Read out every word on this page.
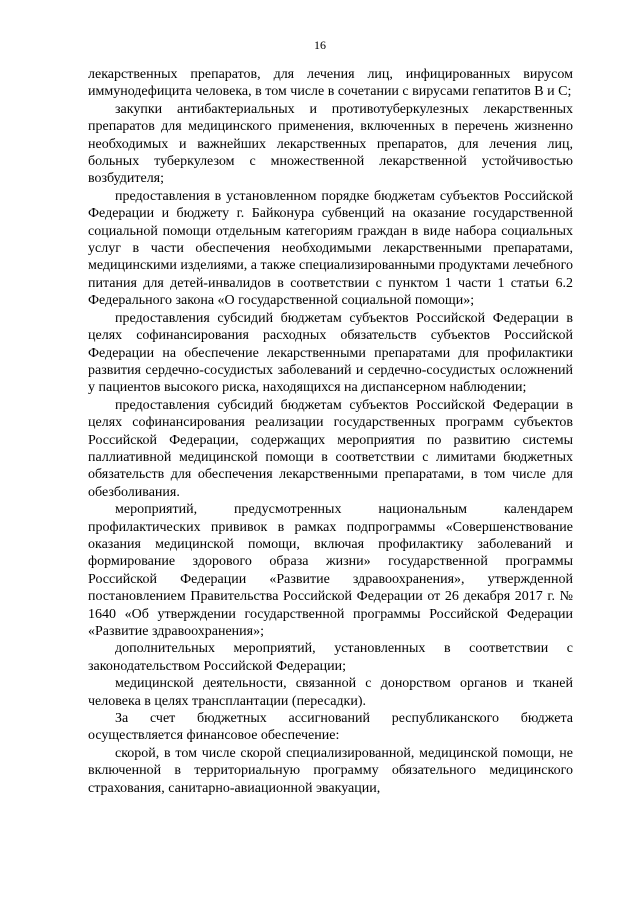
16

лекарственных препаратов, для лечения лиц, инфицированных вирусом иммунодефицита человека, в том числе в сочетании с вирусами гепатитов В и С;

закупки антибактериальных и противотуберкулезных лекарственных препаратов для медицинского применения, включенных в перечень жизненно необходимых и важнейших лекарственных препаратов, для лечения лиц, больных туберкулезом с множественной лекарственной устойчивостью возбудителя;

предоставления в установленном порядке бюджетам субъектов Российской Федерации и бюджету г. Байконура субвенций на оказание государственной социальной помощи отдельным категориям граждан в виде набора социальных услуг в части обеспечения необходимыми лекарственными препаратами, медицинскими изделиями, а также специализированными продуктами лечебного питания для детей-инвалидов в соответствии с пунктом 1 части 1 статьи 6.2 Федерального закона «О государственной социальной помощи»;

предоставления субсидий бюджетам субъектов Российской Федерации в целях софинансирования расходных обязательств субъектов Российской Федерации на обеспечение лекарственными препаратами для профилактики развития сердечно-сосудистых заболеваний и сердечно-сосудистых осложнений у пациентов высокого риска, находящихся на диспансерном наблюдении;

предоставления субсидий бюджетам субъектов Российской Федерации в целях софинансирования реализации государственных программ субъектов Российской Федерации, содержащих мероприятия по развитию системы паллиативной медицинской помощи в соответствии с лимитами бюджетных обязательств для обеспечения лекарственными препаратами, в том числе для обезболивания.

мероприятий, предусмотренных национальным календарем профилактических прививок в рамках подпрограммы «Совершенствование оказания медицинской помощи, включая профилактику заболеваний и формирование здорового образа жизни» государственной программы Российской Федерации «Развитие здравоохранения», утвержденной постановлением Правительства Российской Федерации от 26 декабря 2017 г. № 1640 «Об утверждении государственной программы Российской Федерации «Развитие здравоохранения»;

дополнительных мероприятий, установленных в соответствии с законодательством Российской Федерации;

медицинской деятельности, связанной с донорством органов и тканей человека в целях трансплантации (пересадки).

За счет бюджетных ассигнований республиканского бюджета осуществляется финансовое обеспечение:

скорой, в том числе скорой специализированной, медицинской помощи, не включенной в территориальную программу обязательного медицинского страхования, санитарно-авиационной эвакуации,
